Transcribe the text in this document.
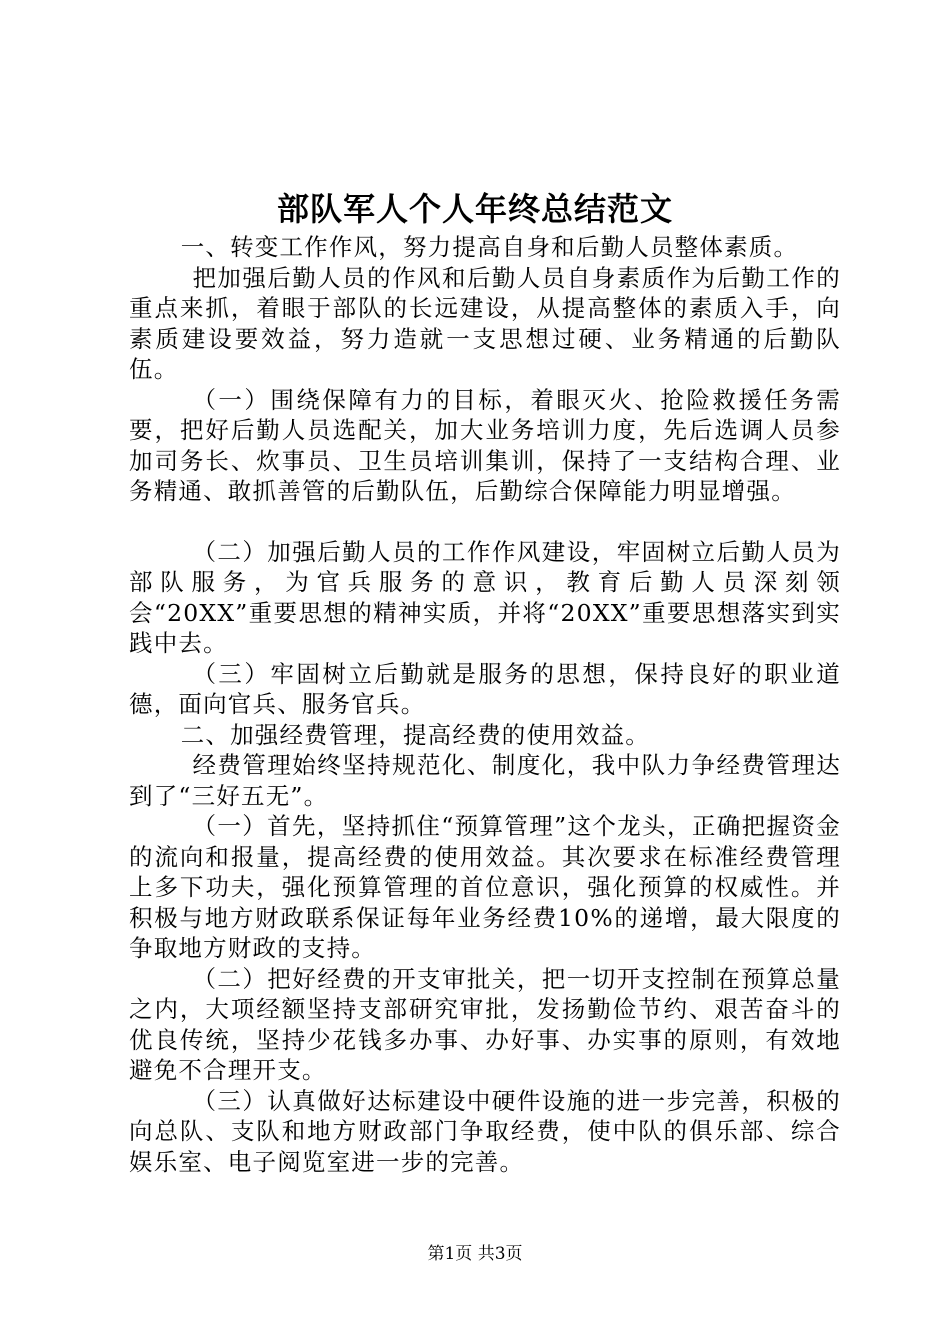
部队军人个人年终总结范文

一、转变工作作风，努力提高自身和后勤人员整体素质。

把加强后勤人员的作风和后勤人员自身素质作为后勤工作的重点来抓，着眼于部队的长远建设，从提高整体的素质入手，向素质建设要效益，努力造就一支思想过硬、业务精通的后勤队伍。

（一）围绕保障有力的目标，着眼灭火、抢险救援任务需要，把好后勤人员选配关，加大业务培训力度，先后选调人员参加司务长、炊事员、卫生员培训集训，保持了一支结构合理、业务精通、敢抓善管的后勤队伍，后勤综合保障能力明显增强。

（二）加强后勤人员的工作作风建设，牢固树立后勤人员为部队服务，为官兵服务的意识，教育后勤人员深刻领会“20XX”重要思想的精神实质，并将“20XX”重要思想落实到实践中去。

（三）牢固树立后勤就是服务的思想，保持良好的职业道德，面向官兵、服务官兵。

二、加强经费管理，提高经费的使用效益。

经费管理始终坚持规范化、制度化，我中队力争经费管理达到了“三好五无”。

（一）首先，坚持抓住“预算管理”这个龙头，正确把握资金的流向和报量，提高经费的使用效益。其次要求在标准经费管理上多下功夫，强化预算管理的首位意识，强化预算的权威性。并积极与地方财政联系保证每年业务经费10%的递增，最大限度的争取地方财政的支持。

（二）把好经费的开支审批关，把一切开支控制在预算总量之内，大项经额坚持支部研究审批，发扬勤俭节约、艰苦奋斗的优良传统，坚持少花钱多办事、办好事、办实事的原则，有效地避免不合理开支。

（三）认真做好达标建设中硬件设施的进一步完善，积极的向总队、支队和地方财政部门争取经费，使中队的俱乐部、综合娱乐室、电子阅览室进一步的完善。

第1页 共3页
